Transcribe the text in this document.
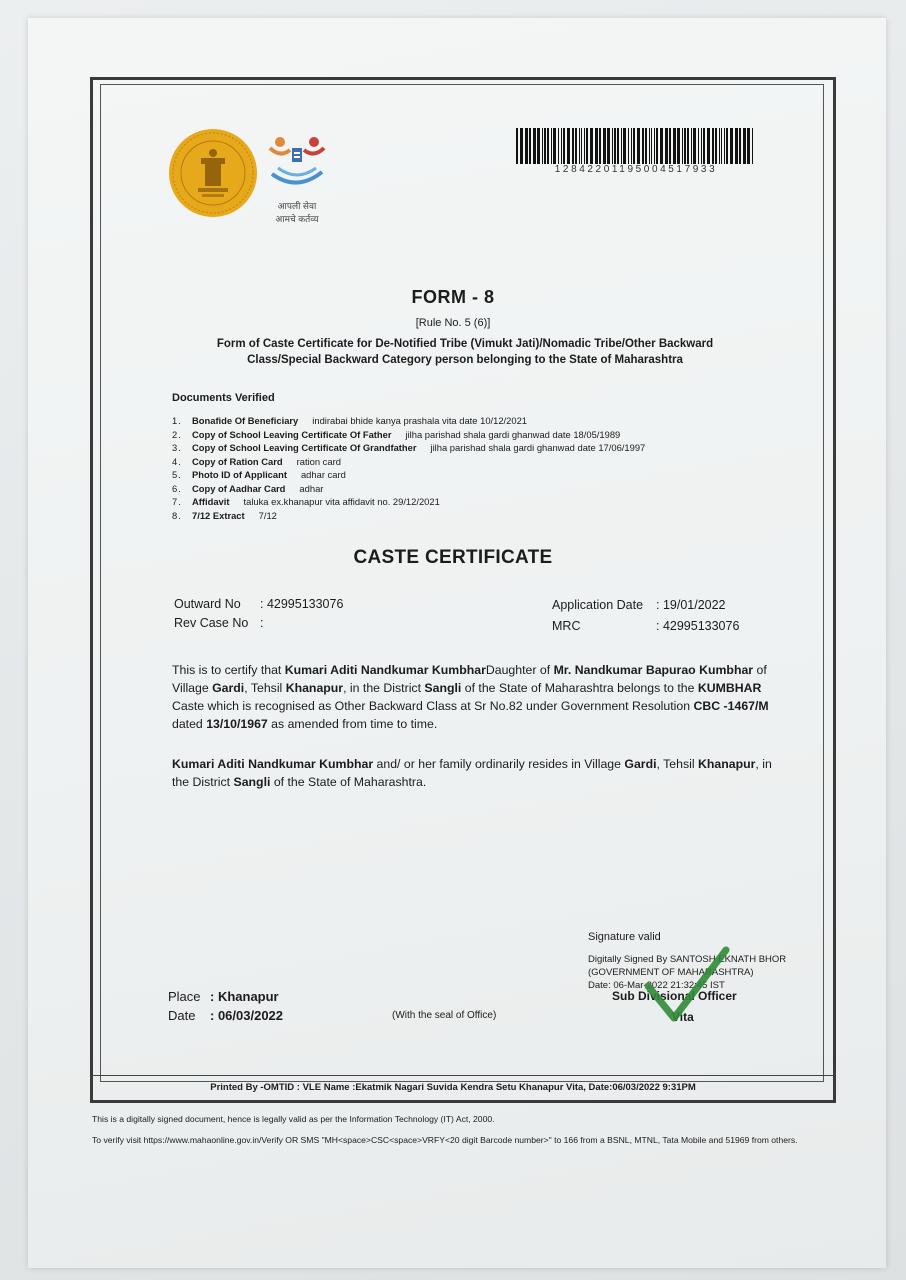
आपली सेवा
आमचे कर्तव्य
12842201195004517933
FORM - 8
[Rule No. 5 (6)]
Form of Caste Certificate for De-Notified Tribe (Vimukt Jati)/Nomadic Tribe/Other Backward Class/Special Backward Category person belonging to the State of Maharashtra
Documents Verified
1. Bonafide Of Beneficiary indirabai bhide kanya prashala vita date 10/12/2021
2. Copy of School Leaving Certificate Of Father jilha parishad shala gardi ghanwad date 18/05/1989
3. Copy of School Leaving Certificate Of Grandfather jilha parishad shala gardi ghanwad date 17/06/1997
4. Copy of Ration Card ration card
5. Photo ID of Applicant adhar card
6. Copy of Aadhar Card adhar
7. Affidavit taluka ex.khanapur vita affidavit no. 29/12/2021
8. 7/12 Extract 7/12
CASTE CERTIFICATE
Outward No : 42995133076
Rev Case No :
Application Date : 19/01/2022
MRC	: 42995133076
This is to certify that Kumari Aditi Nandkumar KumbharDaughter of Mr. Nandkumar Bapurao Kumbhar of Village Gardi, Tehsil Khanapur, in the District Sangli of the State of Maharashtra belongs to the KUMBHAR Caste which is recognised as Other Backward Class at Sr No.82 under Government Resolution CBC -1467/M dated 13/10/1967 as amended from time to time.
Kumari Aditi Nandkumar Kumbhar and/ or her family ordinarily resides in Village Gardi, Tehsil Khanapur, in the District Sangli of the State of Maharashtra.
Signature valid
Digitally Signed By SANTOSH EKNATH BHOR
(GOVERNMENT OF MAHARASHTRA)
Date: 06-Mar-2022 21:32:45 IST
Sub Divisional Officer
Vita
Place : Khanapur
Date : 06/03/2022	(With the seal of Office)
Printed By -OMTID : VLE Name :Ekatmik Nagari Suvida Kendra Setu Khanapur Vita, Date:06/03/2022 9:31PM
This is a digitally signed document, hence is legally valid as per the Information Technology (IT) Act, 2000.
To verify visit https://www.mahaonline.gov.in/Verify OR SMS "MH<space>CSC<space>VRFY<20 digit Barcode number>" to 166 from a BSNL, MTNL, Tata Mobile and 51969 from others.
